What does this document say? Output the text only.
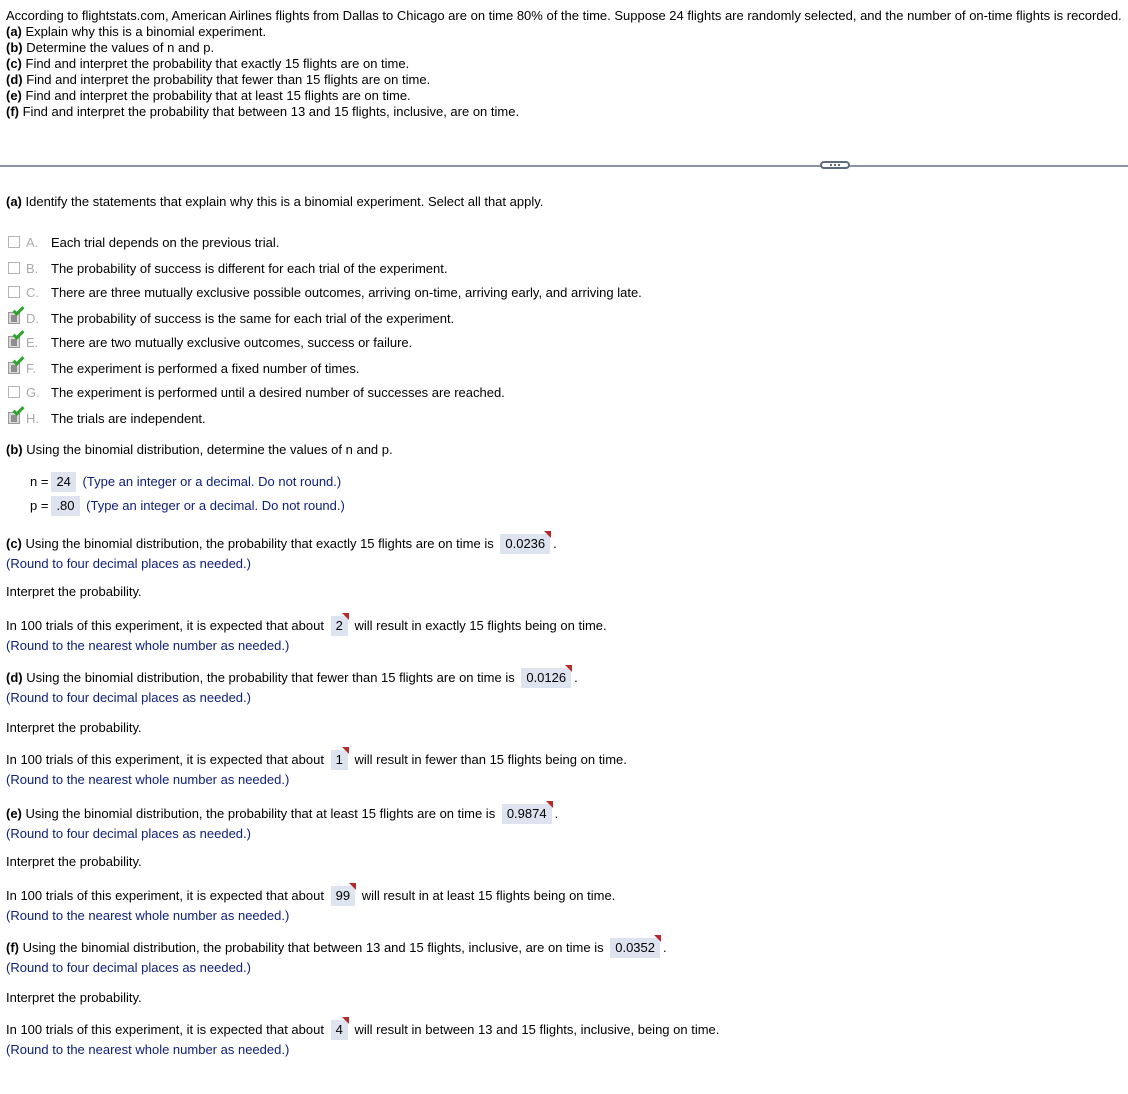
According to flightstats.com, American Airlines flights from Dallas to Chicago are on time 80% of the time. Suppose 24 flights are randomly selected, and the number of on-time flights is recorded.
(a) Explain why this is a binomial experiment.
(b) Determine the values of n and p.
(c) Find and interpret the probability that exactly 15 flights are on time.
(d) Find and interpret the probability that fewer than 15 flights are on time.
(e) Find and interpret the probability that at least 15 flights are on time.
(f) Find and interpret the probability that between 13 and 15 flights, inclusive, are on time.
(a) Identify the statements that explain why this is a binomial experiment. Select all that apply.
A. Each trial depends on the previous trial.
B. The probability of success is different for each trial of the experiment.
C. There are three mutually exclusive possible outcomes, arriving on-time, arriving early, and arriving late.
D. The probability of success is the same for each trial of the experiment.
E. There are two mutually exclusive outcomes, success or failure.
F.	The experiment is performed a fixed number of times.
G. The experiment is performed until a desired number of successes are reached.
H. The trials are independent.
(b) Using the binomial distribution, determine the values of n and p.
n = 24 (Type an integer or a decimal. Do not round.)
p = .80 (Type an integer or a decimal. Do not round.)
(c) Using the binomial distribution, the probability that exactly 15 flights are on time is 0.0236 .
(Round to four decimal places as needed.)
Interpret the probability.
In 100 trials of this experiment, it is expected that about 2 will result in exactly 15 flights being on time.
(Round to the nearest whole number as needed.)
(d) Using the binomial distribution, the probability that fewer than 15 flights are on time is 0.0126 .
(Round to four decimal places as needed.)
Interpret the probability.
In 100 trials of this experiment, it is expected that about 1 will result in fewer than 15 flights being on time.
(Round to the nearest whole number as needed.)
(e) Using the binomial distribution, the probability that at least 15 flights are on time is 0.9874 .
(Round to four decimal places as needed.)
Interpret the probability.
In 100 trials of this experiment, it is expected that about 99 will result in at least 15 flights being on time.
(Round to the nearest whole number as needed.)
(f) Using the binomial distribution, the probability that between 13 and 15 flights, inclusive, are on time is 0.0352 .
(Round to four decimal places as needed.)
Interpret the probability.
In 100 trials of this experiment, it is expected that about 4 will result in between 13 and 15 flights, inclusive, being on time.
(Round to the nearest whole number as needed.)
